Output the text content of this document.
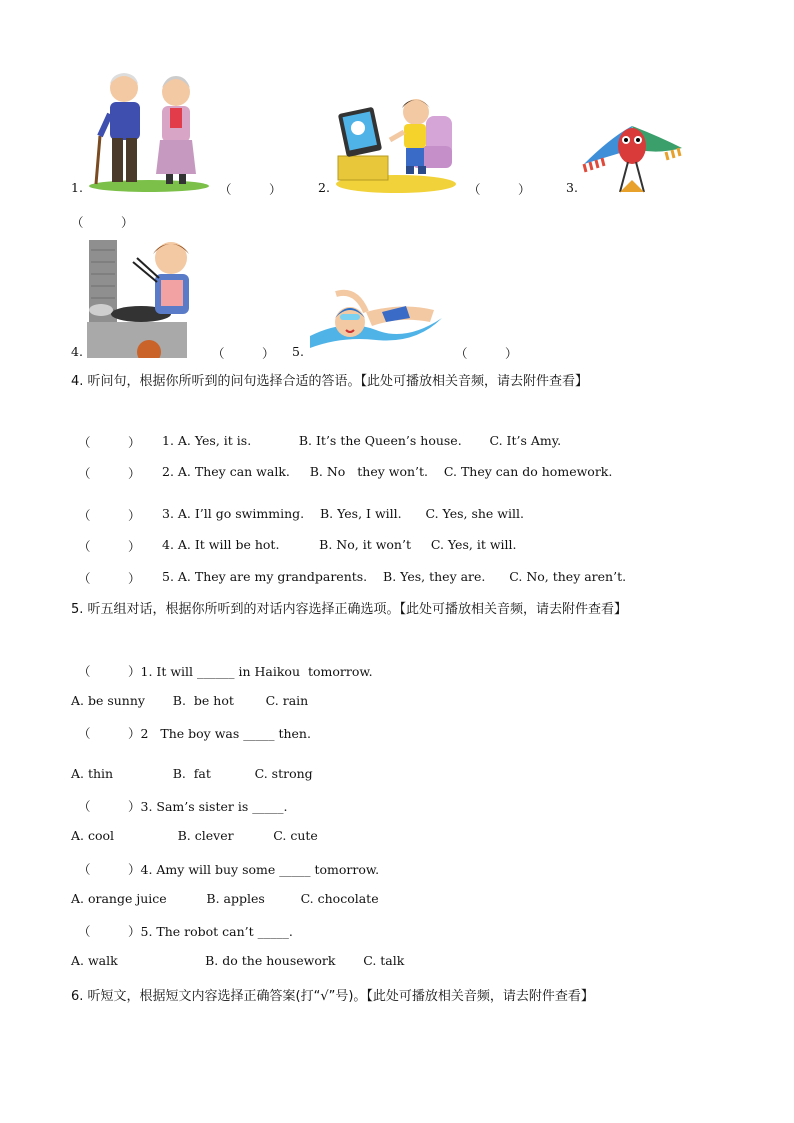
1.	（　　　）	2.	（　　　）	3.
（　　　）
4.	（　　　） 5.	（　　　）
4. 听问句，根据你所听到的问句选择合适的答语。【此处可播放相关音频，请去附件查看】
（　　　） 1. A. Yes, it is.            B. It’s the Queen’s house.       C. It’s Amy.
（　　　） 2. A. They can walk.     B. No   they won’t.    C. They can do homework.
（　　　） 3. A. I’ll go swimming.    B. Yes, I will.      C. Yes, she will.
（　　　） 4. A. It will be hot.          B. No, it won’t     C. Yes, it will.
（　　　） 5. A. They are my grandparents.    B. Yes, they are.      C. No, they aren’t.
5. 听五组对话，根据你所听到的对话内容选择正确选项。【此处可播放相关音频，请去附件查看】
（　　　）1. It will ______ in Haikou  tomorrow.
A. be sunny       B.  be hot        C. rain
（　　　）2   The boy was _____ then.
A. thin               B.  fat           C. strong
（　　　）3. Sam’s sister is _____.
A. cool                B. clever          C. cute
（　　　）4. Amy will buy some _____ tomorrow.
A. orange juice          B. apples         C. chocolate
（　　　）5. The robot can’t _____.
A. walk                      B. do the housework       C. talk
6. 听短文，根据短文内容选择正确答案(打“√”号)。【此处可播放相关音频，请去附件查看】
